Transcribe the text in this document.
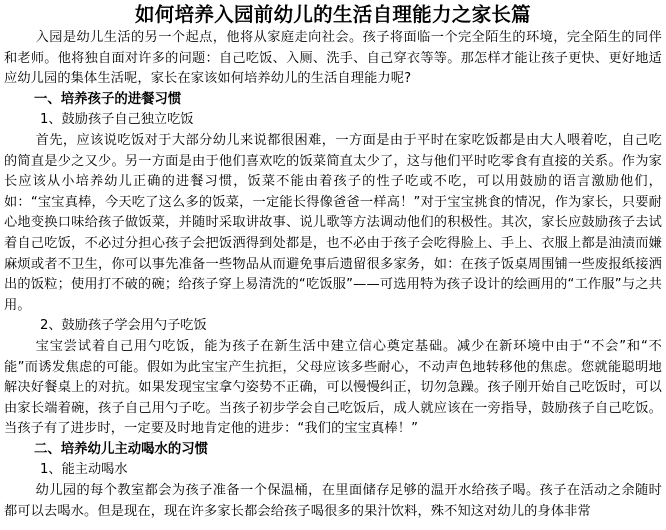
如何培养入园前幼儿的生活自理能力之家长篇

入园是幼儿生活的另一个起点，他将从家庭走向社会。孩子将面临一个完全陌生的环境，完全陌生的同伴和老师。他将独自面对许多的问题：自己吃饭、入厕、洗手、自己穿衣等等。那怎样才能让孩子更快、更好地适应幼儿园的集体生活呢，家长在家该如何培养幼儿的生活自理能力呢?

一、培养孩子的进餐习惯

1、鼓励孩子自己独立吃饭

首先，应该说吃饭对于大部分幼儿来说都很困难，一方面是由于平时在家吃饭都是由大人喂着吃，自己吃的简直是少之又少。另一方面是由于他们喜欢吃的饭菜简直太少了，这与他们平时吃零食有直接的关系。作为家长应该从小培养幼儿正确的进餐习惯，饭菜不能由着孩子的性子吃或不吃，可以用鼓励的语言激励他们，如：“宝宝真棒，今天吃了这么多的饭菜，一定能长得像爸爸一样高！”对于宝宝挑食的情况，作为家长，只要耐心地变换口味给孩子做饭菜，并随时采取讲故事、说儿歌等方法调动他们的积极性。其次，家长应鼓励孩子去试着自己吃饭，不必过分担心孩子会把饭洒得到处都是，也不必由于孩子会吃得脸上、手上、衣服上都是油渍而嫌麻烦或者不卫生，你可以事先准备一些物品从而避免事后遗留很多家务，如：在孩子饭桌周围铺一些废报纸接洒出的饭粒；使用打不破的碗；给孩子穿上易清洗的“吃饭服”——可选用特为孩子设计的绘画用的“工作服”与之共用。

2、鼓励孩子学会用勺子吃饭

宝宝尝试着自己用勺吃饭，能为孩子在新生活中建立信心奠定基础。减少在新环境中由于“不会”和“不能”而诱发焦虑的可能。假如为此宝宝产生抗拒，父母应该多些耐心，不动声色地转移他的焦虑。您就能聪明地解决好餐桌上的对抗。如果发现宝宝拿勺姿势不正确，可以慢慢纠正，切勿急躁。孩子刚开始自己吃饭时，可以由家长端着碗，孩子自己用勺子吃。当孩子初步学会自己吃饭后，成人就应该在一旁指导，鼓励孩子自己吃饭。当孩子有了进步时，一定要及时地肯定他的进步：“我们的宝宝真棒！”

二、培养幼儿主动喝水的习惯

1、能主动喝水

幼儿园的每个教室都会为孩子准备一个保温桶，在里面储存足够的温开水给孩子喝。孩子在活动之余随时都可以去喝水。但是现在，现在许多家长都会给孩子喝很多的果汁饮料，殊不知这对幼儿的身体非常
